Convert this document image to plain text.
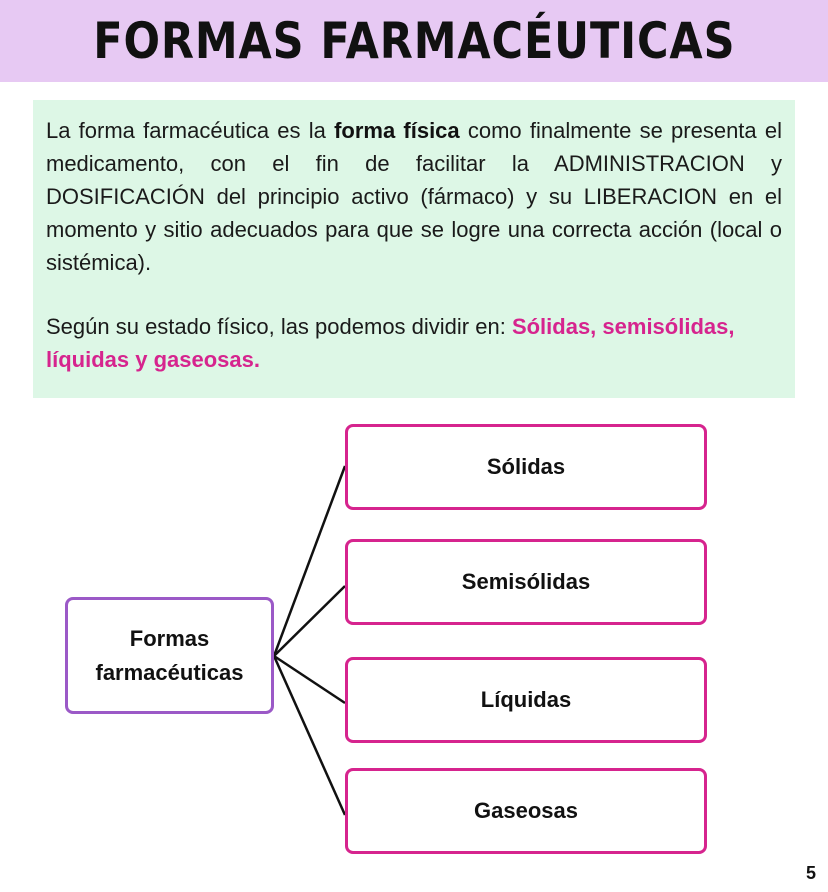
FORMAS FARMACÉUTICAS

La forma farmacéutica es la forma física como finalmente se presenta el medicamento, con el fin de facilitar la ADMINISTRACION y DOSIFICACIÓN del principio activo (fármaco) y su LIBERACION en el momento y sitio adecuados para que se logre una correcta acción (local o sistémica).

Según su estado físico, las podemos dividir en: Sólidas, semisólidas, líquidas y gaseosas.

Formas
farmacéuticas
Sólidas
Semisólidas
Líquidas
Gaseosas
5
